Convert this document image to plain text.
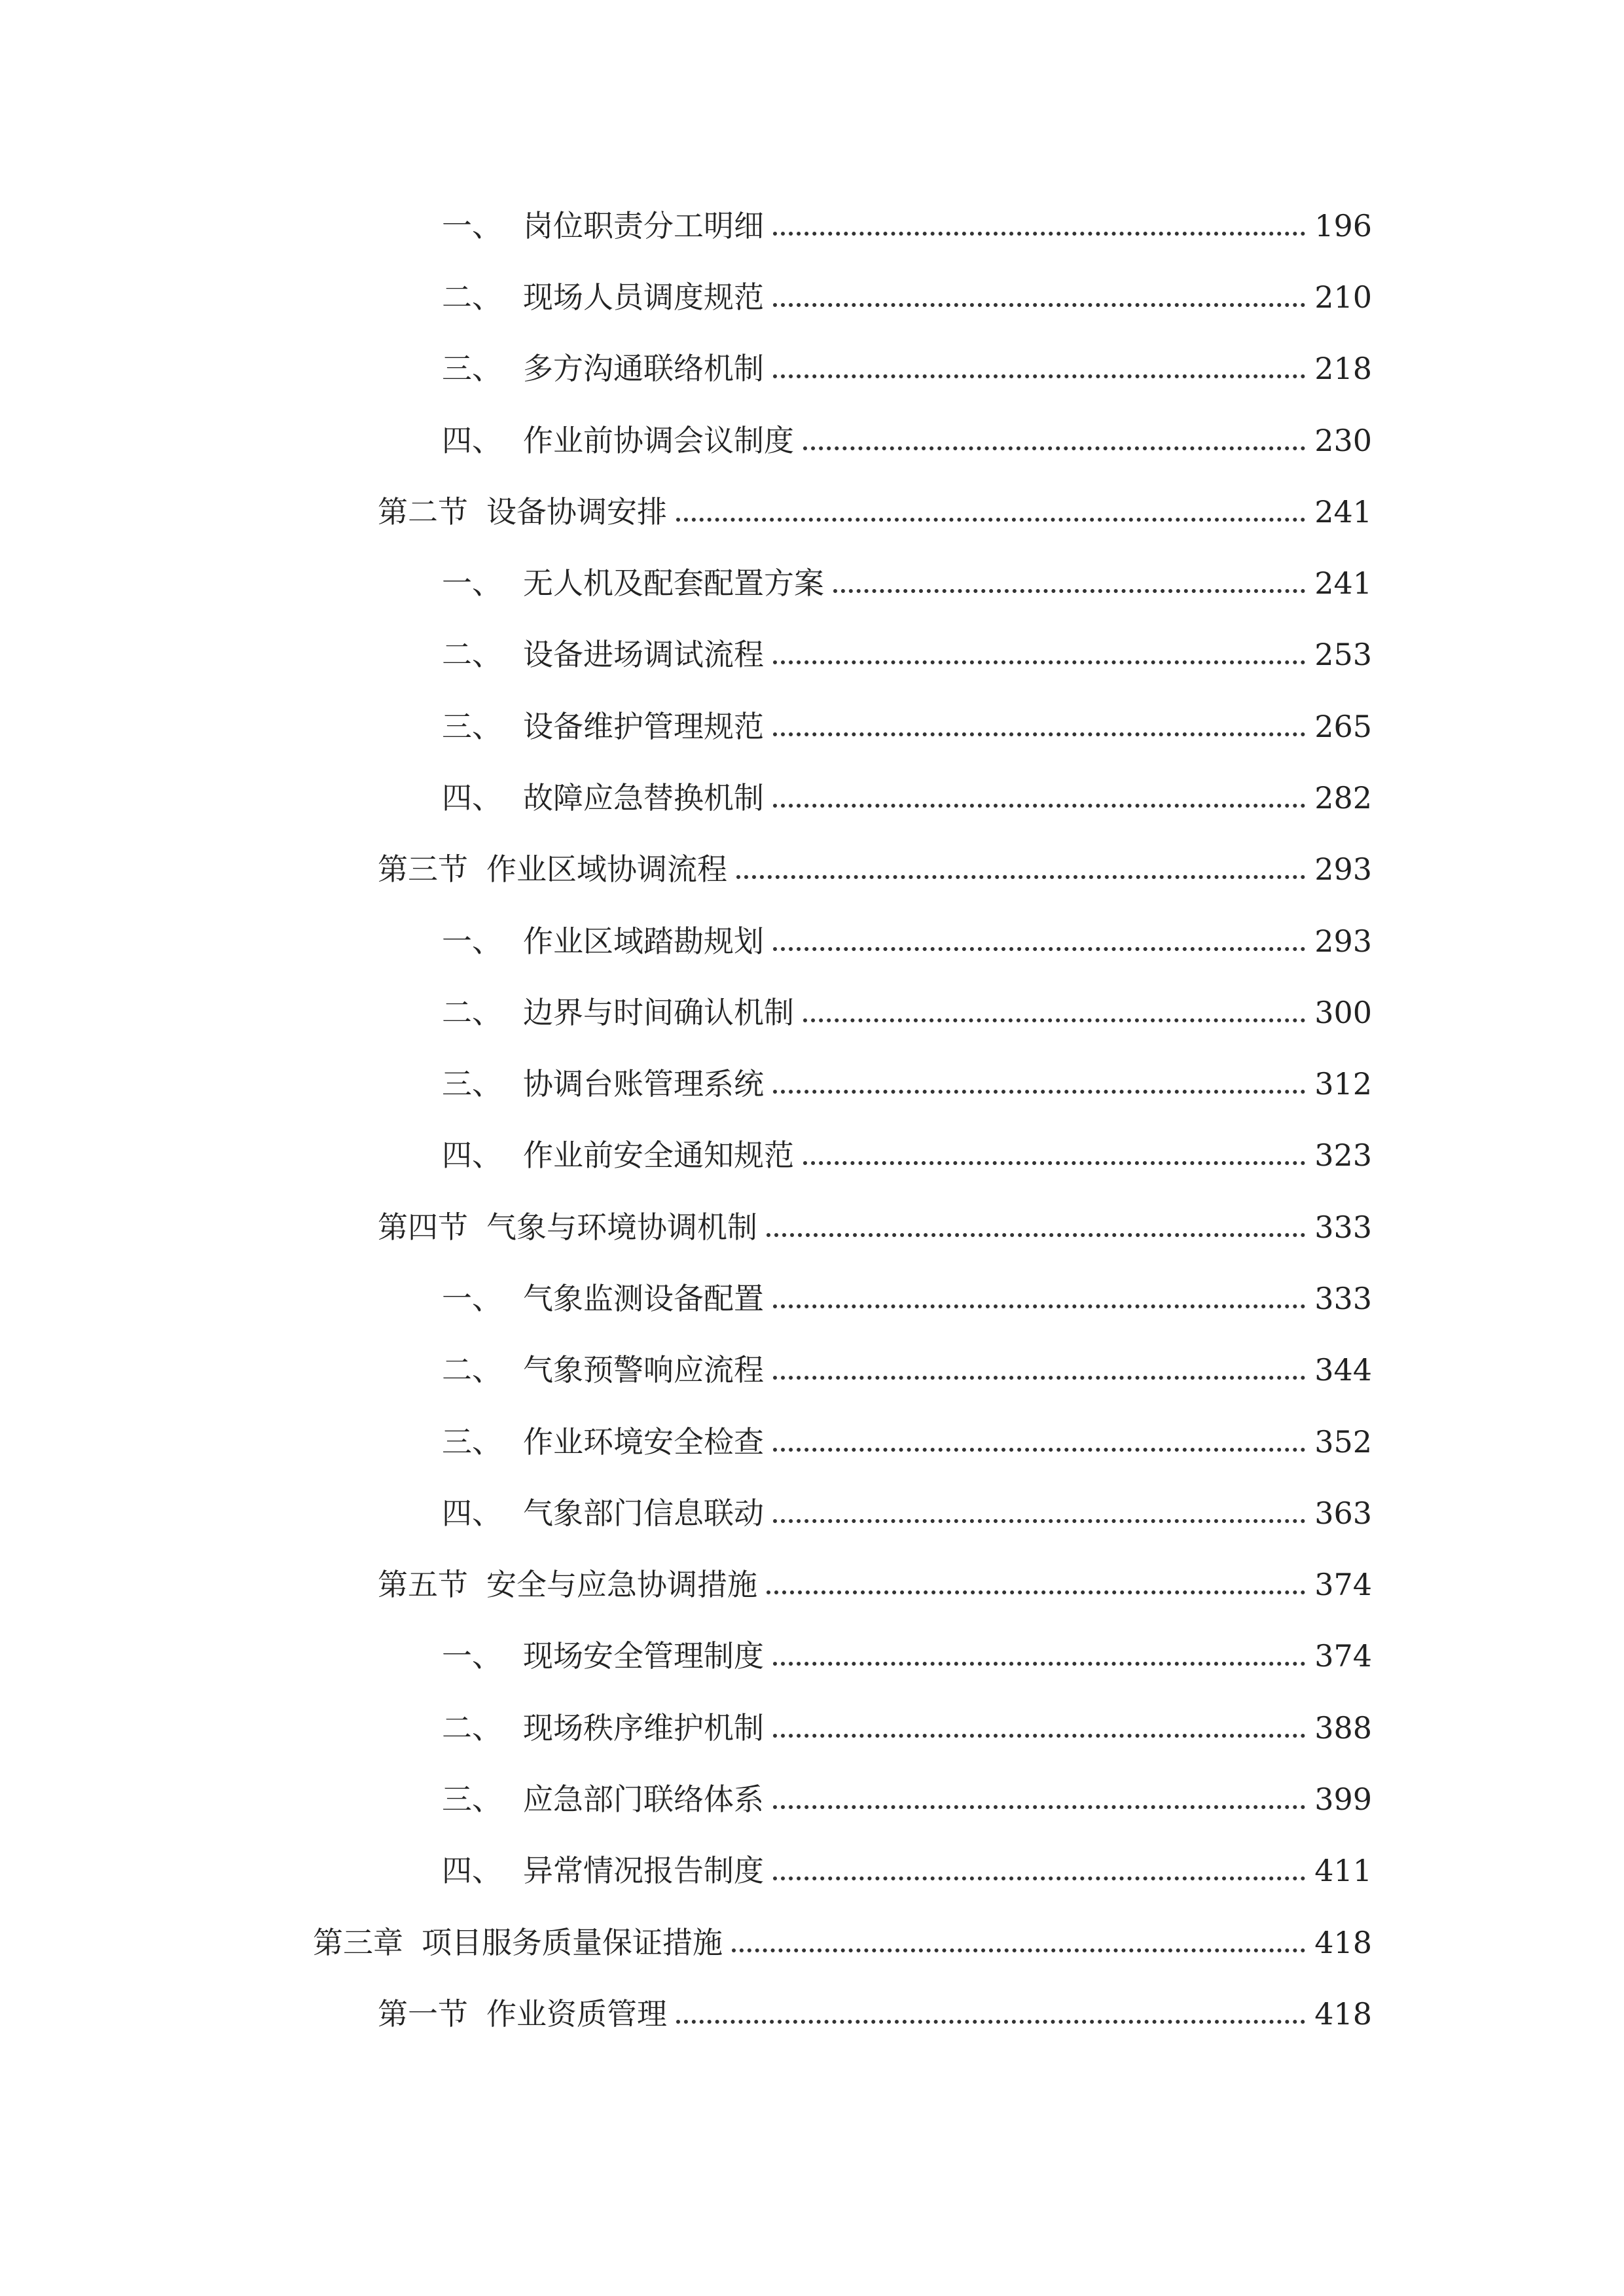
一、 岗位职责分工明细	196
二、 现场人员调度规范	210
三、 多方沟通联络机制	218
四、 作业前协调会议制度	230
第二节 设备协调安排	241
一、 无人机及配套配置方案	241
二、 设备进场调试流程	253
三、 设备维护管理规范	265
四、 故障应急替换机制	282
第三节 作业区域协调流程	293
一、 作业区域踏勘规划	293
二、 边界与时间确认机制	300
三、 协调台账管理系统	312
四、 作业前安全通知规范	323
第四节 气象与环境协调机制	333
一、 气象监测设备配置	333
二、 气象预警响应流程	344
三、 作业环境安全检查	352
四、 气象部门信息联动	363
第五节 安全与应急协调措施	374
一、 现场安全管理制度	374
二、 现场秩序维护机制	388
三、 应急部门联络体系	399
四、 异常情况报告制度	411
第三章 项目服务质量保证措施	418
第一节 作业资质管理	418
